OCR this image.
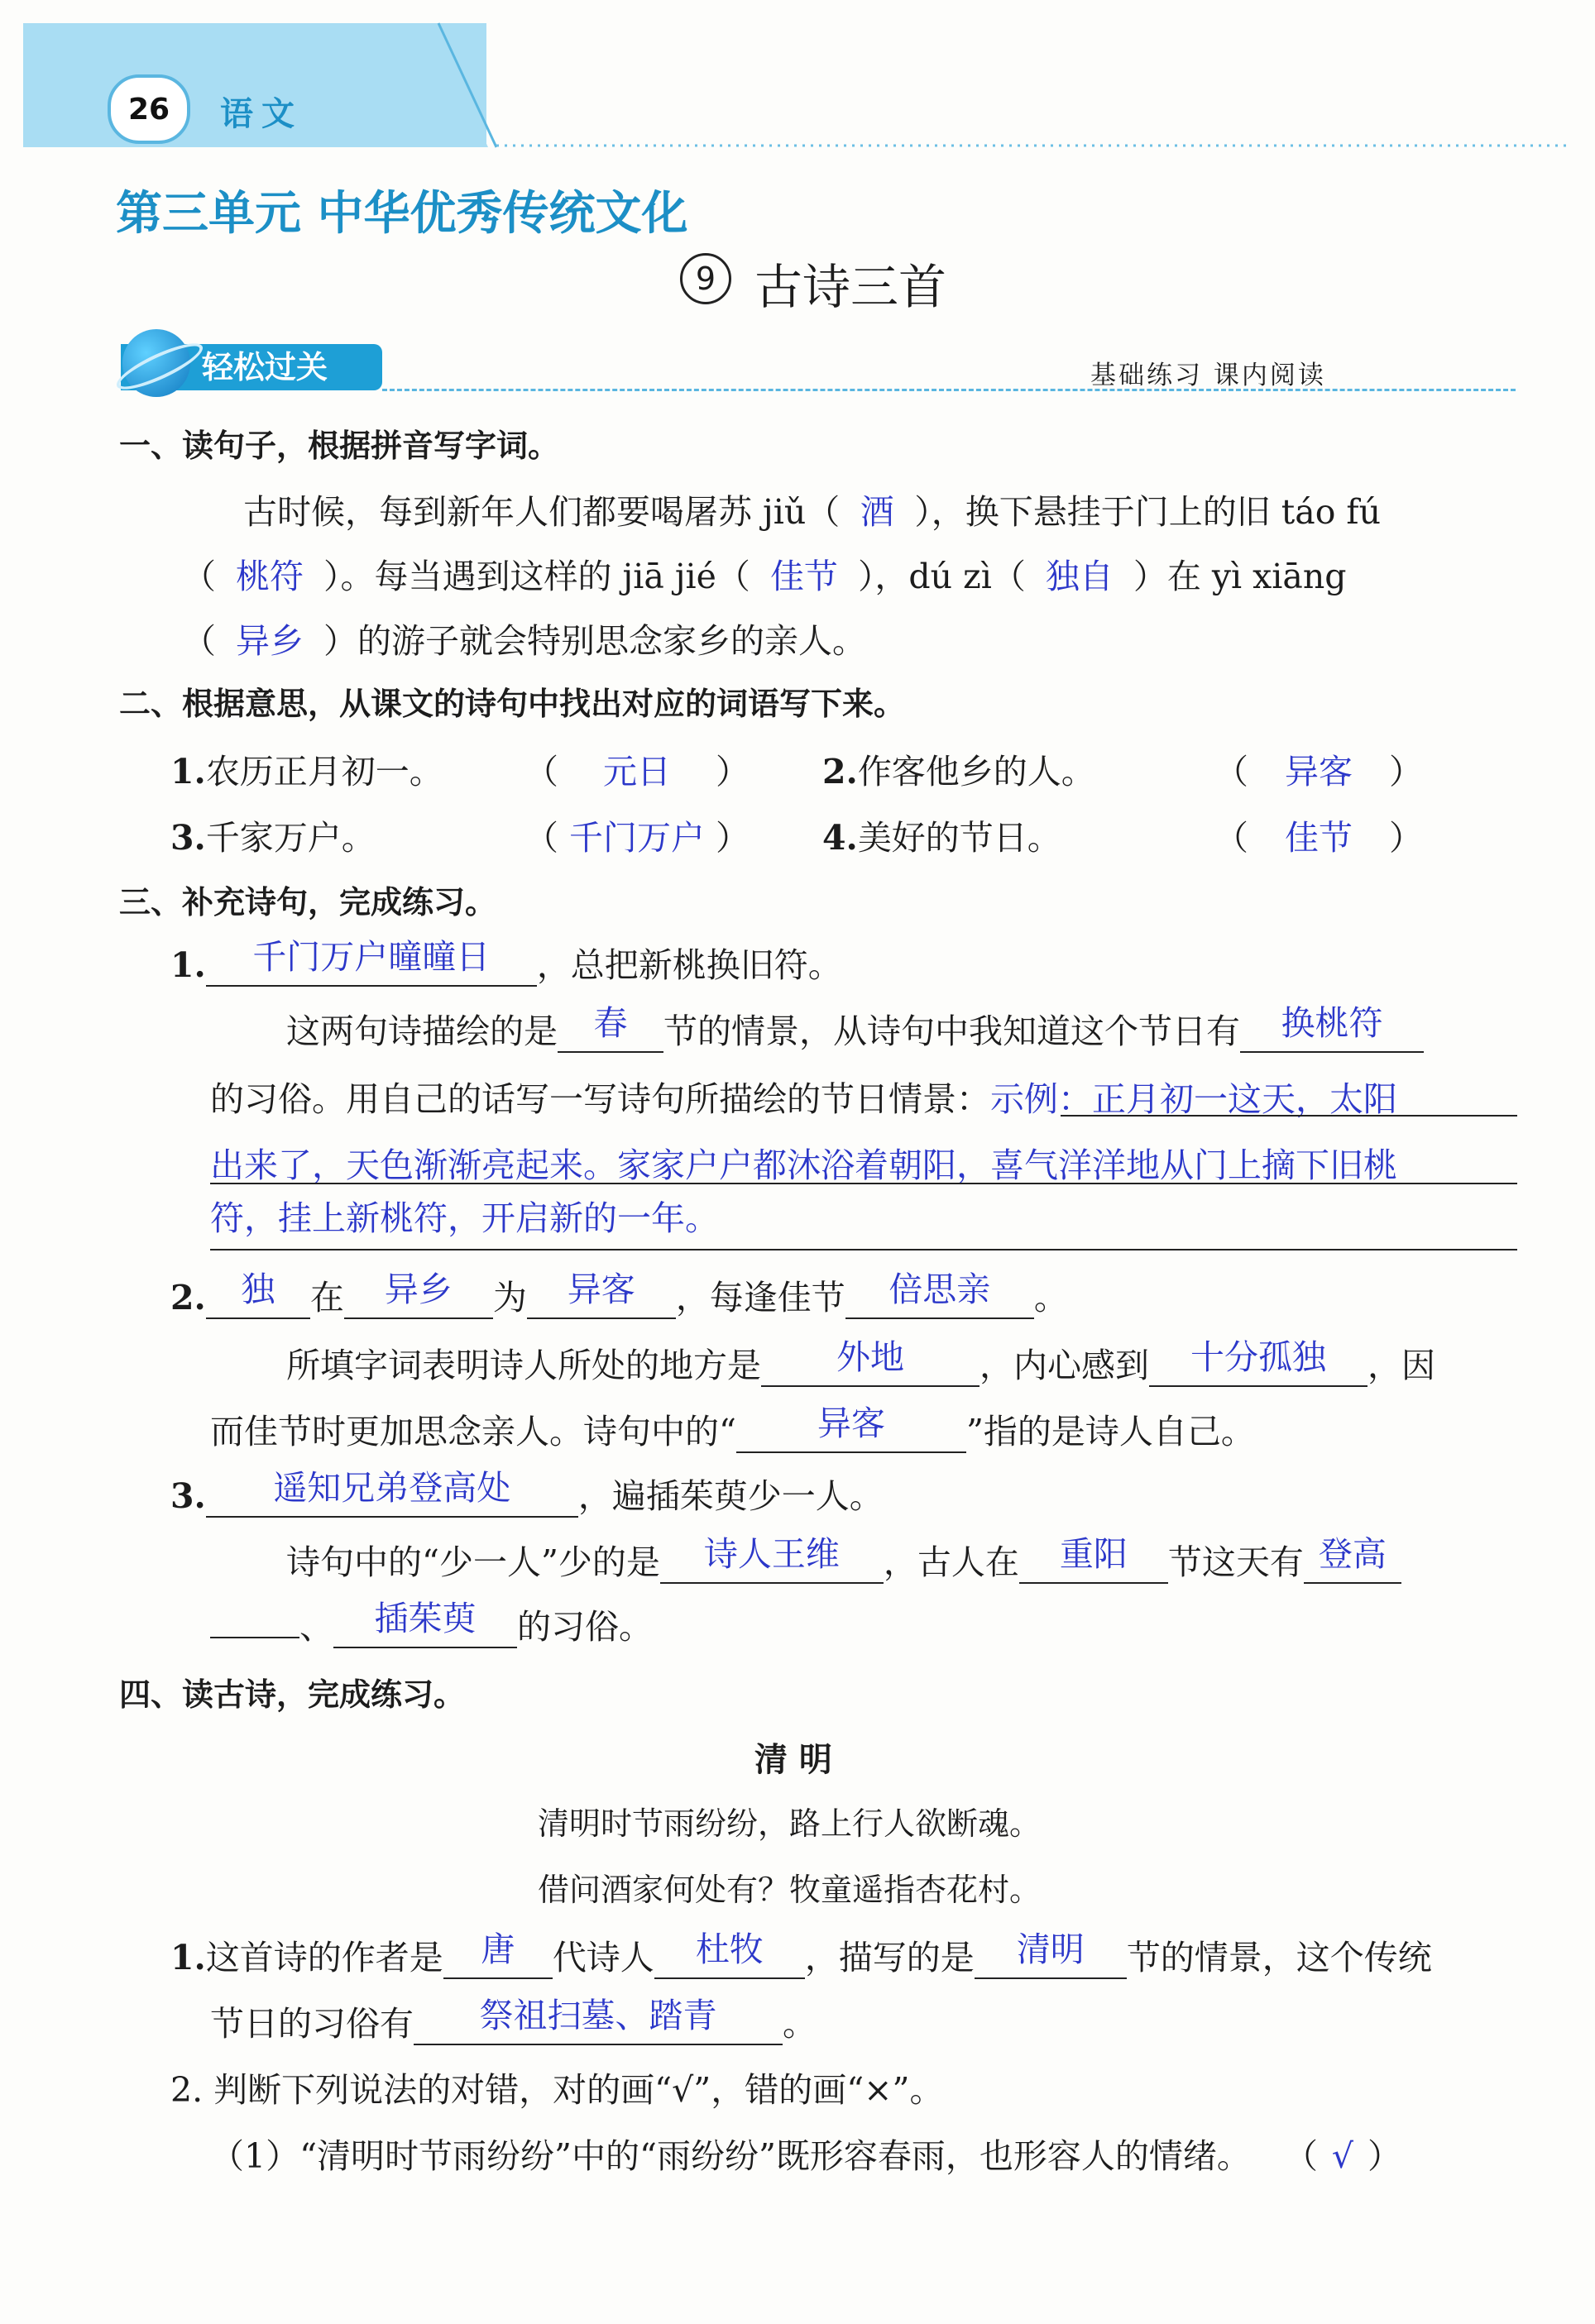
26	语文
第三单元 中华优秀传统文化
9 古诗三首
轻松过关	基础练习 课内阅读
一、读句子，根据拼音写字词。
古时候，每到新年人们都要喝屠苏 jiǔ（ 酒 ），换下悬挂于门上的旧 táo fú
（ 桃符 ）。每当遇到这样的 jiā jié（ 佳节 ），dú zì（ 独自 ）在 yì xiāng
（ 异乡 ）的游子就会特别思念家乡的亲人。
二、根据意思，从课文的诗句中找出对应的词语写下来。
1.农历正月初一。 （ 元日 ） 2.作客他乡的人。	（ 异客 ）
3.千家万户。	（ 千门万户 ） 4.美好的节日。	（ 佳节 ）
三、补充诗句，完成练习。
1. 千门万户曈曈日 ，总把新桃换旧符。
这两句诗描绘的是 春 节的情景，从诗句中我知道这个节日有 换桃符
的习俗。用自己的话写一写诗句所描绘的节日情景：示例：正月初一这天，太阳
出来了，天色渐渐亮起来。家家户户都沐浴着朝阳，喜气洋洋地从门上摘下旧桃
符，挂上新桃符，开启新的一年。
2. 独 在 异乡 为 异客 ，每逢佳节 倍思亲 。
所填字词表明诗人所处的地方是 外地 ，内心感到 十分孤独 ，因
而佳节时更加思念亲人。诗句中的“ 异客 ”指的是诗人自己。
3. 遥知兄弟登高处 ，遍插茱萸少一人。
诗句中的“少一人”少的是 诗人王维 ，古人在 重阳 节这天有 登高
、 插茱萸 的习俗。
四、读古诗，完成练习。
清 明
清明时节雨纷纷，路上行人欲断魂。
借问酒家何处有？牧童遥指杏花村。
1.这首诗的作者是 唐 代诗人 杜牧 ，描写的是 清明 节的情景，这个传统
节日的习俗有 祭祖扫墓、踏青 。
2. 判断下列说法的对错，对的画“√”，错的画“×”。
（1）“清明时节雨纷纷”中的“雨纷纷”既形容春雨，也形容人的情绪。 （ √ ）
